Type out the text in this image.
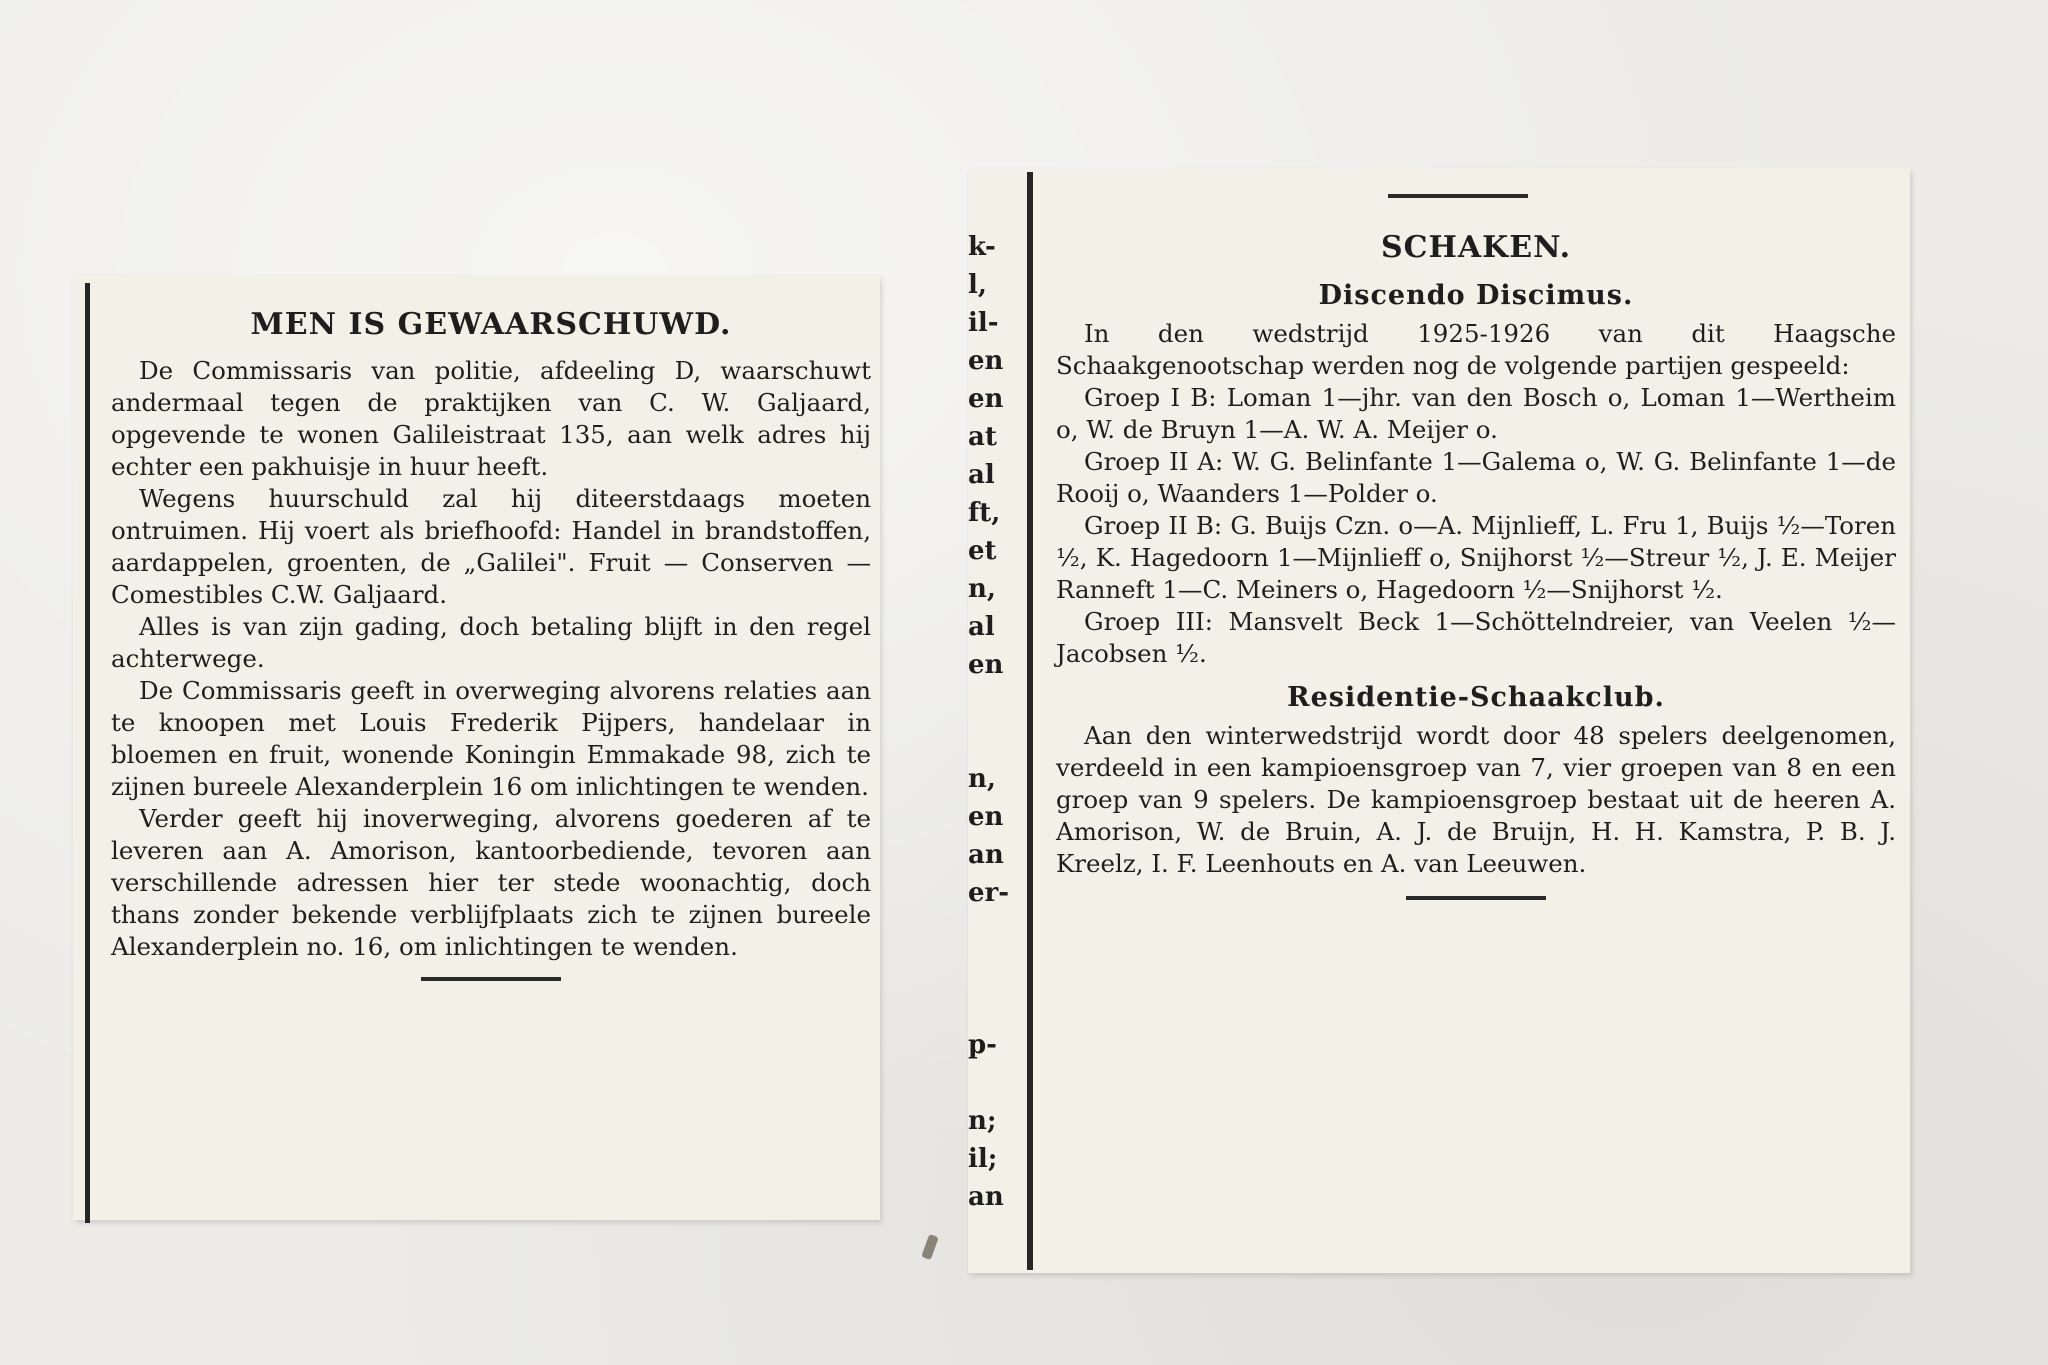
MEN IS GEWAARSCHUWD.

De Commissaris van politie, afdeeling D, waarschuwt andermaal tegen de praktijken van C. W. Galjaard, opgevende te wonen Galileistraat 135, aan welk adres hij echter een pakhuisje in huur heeft.

Wegens huurschuld zal hij diteerstdaags moeten ontruimen. Hij voert als briefhoofd: Handel in brandstoffen, aardappelen, groenten, de „Galilei". Fruit — Conserven — Comestibles C.W. Galjaard.

Alles is van zijn gading, doch betaling blijft in den regel achterwege.

De Commissaris geeft in overweging alvorens relaties aan te knoopen met Louis Frederik Pijpers, handelaar in bloemen en fruit, wonende Koningin Emmakade 98, zich te zijnen bureele Alexanderplein 16 om inlichtingen te wenden.

Verder geeft hij inoverweging, alvorens goederen af te leveren aan A. Amorison, kantoorbediende, tevoren aan verschillende adressen hier ter stede woonachtig, doch thans zonder bekende verblijfplaats zich te zijnen bureele Alexanderplein no. 16, om inlichtingen te wenden.

k-
l,
il-
en
en
at
al
ft,
et
n,
al
en
n,
en
an
er-
p-
n;
il;
an
SCHAKEN.
Discendo Discimus.

In den wedstrijd 1925-1926 van dit Haagsche Schaakgenootschap werden nog de volgende partijen gespeeld:

Groep I B: Loman 1—jhr. van den Bosch o, Loman 1—Wertheim o, W. de Bruyn 1—A. W. A. Meijer o.

Groep II A: W. G. Belinfante 1—Galema o, W. G. Belinfante 1—de Rooij o, Waanders 1—Polder o.

Groep II B: G. Buijs Czn. o—A. Mijnlieff, L. Fru 1, Buijs ½—Toren ½, K. Hagedoorn 1—Mijnlieff o, Snijhorst ½—Streur ½, J. E. Meijer Ranneft 1—C. Meiners o, Hagedoorn ½—Snijhorst ½.

Groep III: Mansvelt Beck 1—Schöttelndreier, van Veelen ½—Jacobsen ½.

Residentie-Schaakclub.

Aan den winterwedstrijd wordt door 48 spelers deelgenomen, verdeeld in een kampioensgroep van 7, vier groepen van 8 en een groep van 9 spelers. De kampioensgroep bestaat uit de heeren A. Amorison, W. de Bruin, A. J. de Bruijn, H. H. Kamstra, P. B. J. Kreelz, I. F. Leenhouts en A. van Leeuwen.
